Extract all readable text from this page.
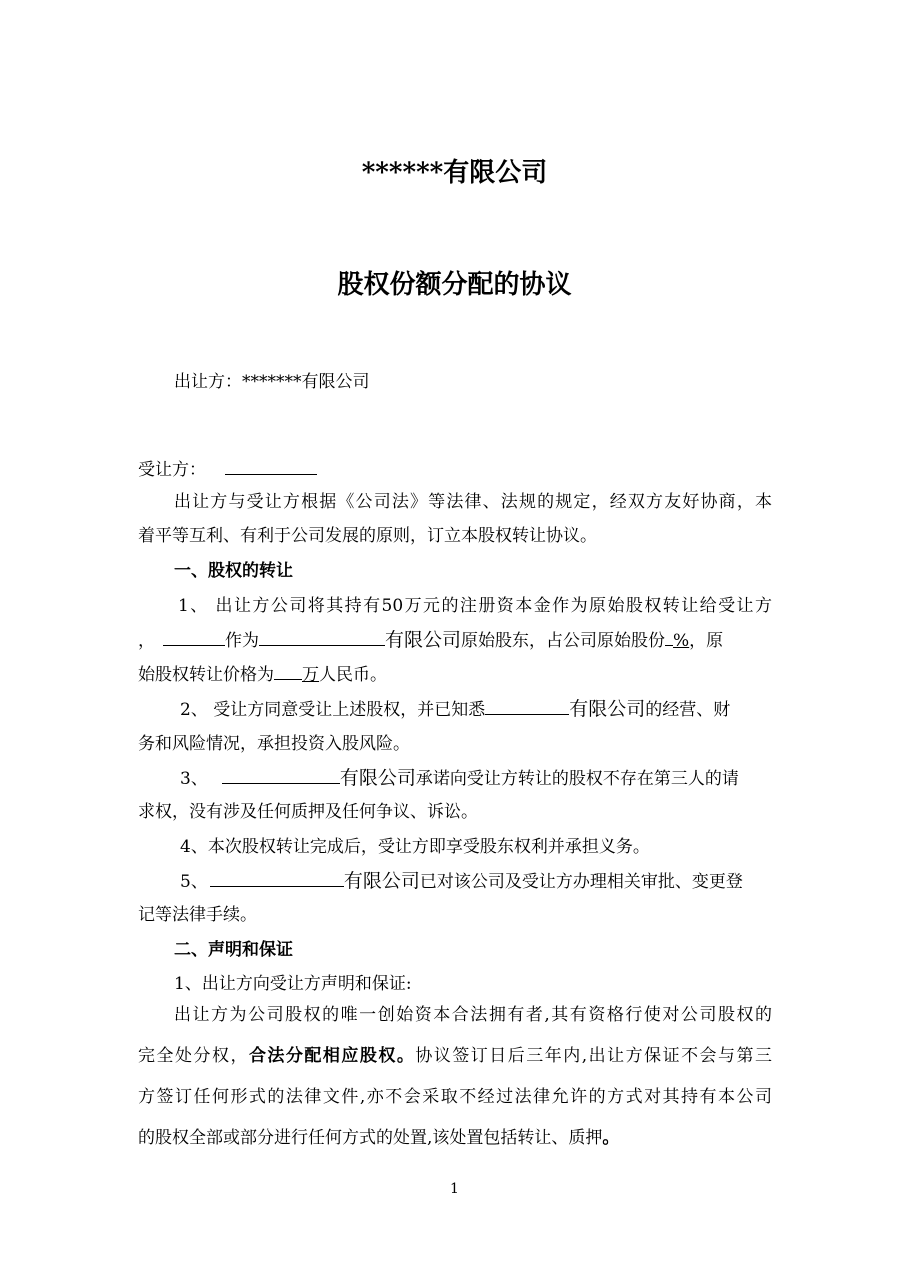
******有限公司
股权份额分配的协议
出让方：*******有限公司
受让方：
出让方与受让方根据《公司法》等法律、法规的规定，经双方友好协商，本
着平等互利、有利于公司发展的原则，订立本股权转让协议。
一、股权的转让
1、 出让方公司将其持有50万元的注册资本金作为原始股权转让给受让方
，	作为	有限公司原始股东，占公司原始股份 %，原
始股权转让价格为 万人民币。
2、 受让方同意受让上述股权，并已知悉	有限公司的经营、财
务和风险情况，承担投资入股风险。
3、	有限公司承诺向受让方转让的股权不存在第三人的请
求权，没有涉及任何质押及任何争议、诉讼。
4、本次股权转让完成后，受让方即享受股东权利并承担义务。
5、	有限公司已对该公司及受让方办理相关审批、变更登
记等法律手续。
二、声明和保证
1、出让方向受让方声明和保证:
出让方为公司股权的唯一创始资本合法拥有者,其有资格行使对公司股权的
完全处分权，合法分配相应股权。协议签订日后三年内,出让方保证不会与第三
方签订任何形式的法律文件,亦不会采取不经过法律允许的方式对其持有本公司
的股权全部或部分进行任何方式的处置,该处置包括转让、质押。
1
